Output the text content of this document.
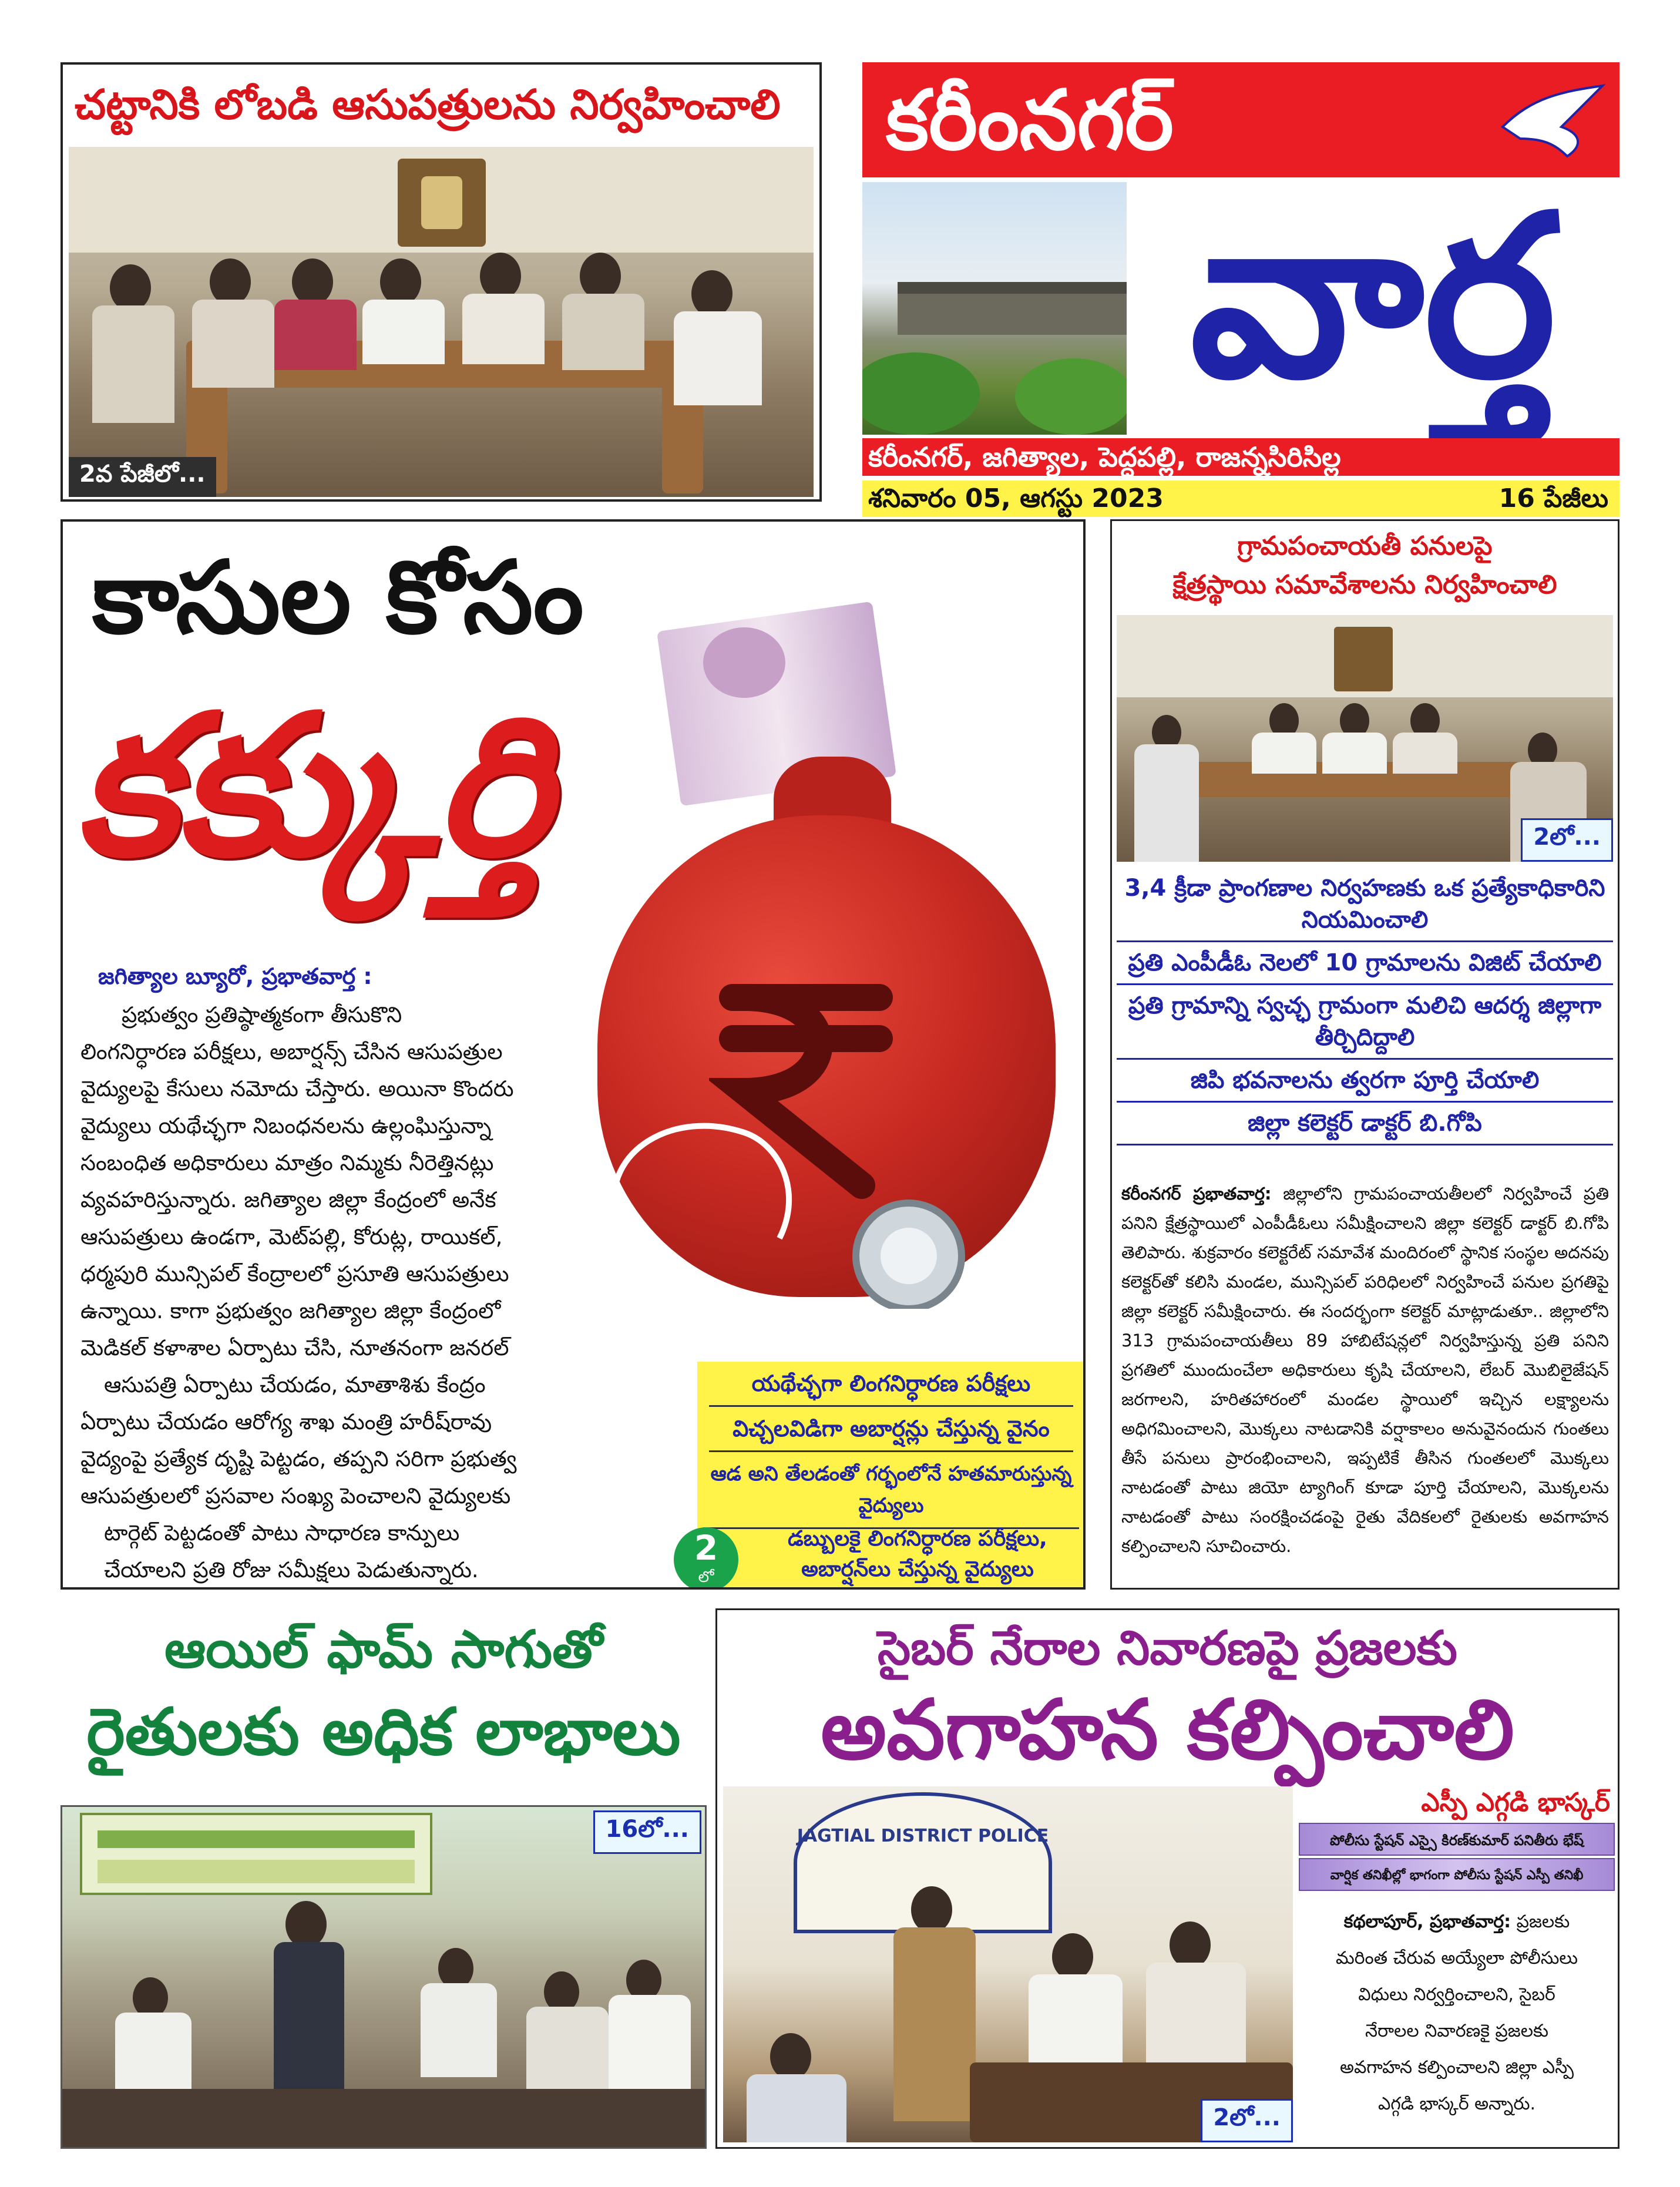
చట్టానికి లోబడి ఆసుపత్రులను నిర్వహించాలి
2వ పేజీలో...
కరీంనగర్
వార్త
కరీంనగర్, జగిత్యాల, పెద్దపల్లి, రాజన్నసిరిసిల్ల
శనివారం 05, ఆగస్టు 2023	16 పేజీలు
కాసుల కోసం
కక్కుర్తి
జగిత్యాల బ్యూరో, ప్రభాతవార్త :
ప్రభుత్వం ప్రతిష్ఠాత్మకంగా తీసుకొని
లింగనిర్ధారణ పరీక్షలు, అబార్షన్స్ చేసిన ఆసుపత్రుల
వైద్యులపై కేసులు నమోదు చేస్తారు. అయినా కొందరు
వైద్యులు యథేచ్ఛగా నిబంధనలను ఉల్లంఘిస్తున్నా
సంబంధిత అధికారులు మాత్రం నిమ్మకు నీరెత్తినట్లు
వ్యవహరిస్తున్నారు. జగిత్యాల జిల్లా కేంద్రంలో అనేక
ఆసుపత్రులు ఉండగా, మెట్‌పల్లి, కోరుట్ల, రాయికల్,
ధర్మపురి మున్సిపల్ కేంద్రాలలో ప్రసూతి ఆసుపత్రులు
ఉన్నాయి. కాగా ప్రభుత్వం జగిత్యాల జిల్లా కేంద్రంలో
మెడికల్ కళాశాల ఏర్పాటు చేసి, నూతనంగా జనరల్
ఆసుపత్రి ఏర్పాటు చేయడం, మాతాశిశు కేంద్రం
ఏర్పాటు చేయడం ఆరోగ్య శాఖ మంత్రి హరీష్‌రావు
వైద్యంపై ప్రత్యేక దృష్టి పెట్టడం, తప్పని సరిగా ప్రభుత్వ
ఆసుపత్రులలో ప్రసవాల సంఖ్య పెంచాలని వైద్యులకు
టార్గెట్ పెట్టడంతో పాటు సాధారణ కాన్పులు
చేయాలని ప్రతి రోజు సమీక్షలు పెడుతున్నారు.
యథేచ్ఛగా లింగనిర్ధారణ పరీక్షలు
విచ్చలవిడిగా అబార్షన్లు చేస్తున్న వైనం
ఆడ అని తేలడంతో గర్భంలోనే హతమారుస్తున్న వైద్యులు
2
లో
డబ్బులకై లింగనిర్ధారణ పరీక్షలు,
అబార్షన్‌లు చేస్తున్న వైద్యులు
గ్రామపంచాయతీ పనులపై
క్షేత్రస్థాయి సమావేశాలను నిర్వహించాలి
2లో...
3,4 క్రీడా ప్రాంగణాల నిర్వహణకు ఒక ప్రత్యేకాధికారిని నియమించాలి
ప్రతి ఎంపీడీఓ నెలలో 10 గ్రామాలను విజిట్ చేయాలి
ప్రతి గ్రామాన్ని స్వచ్ఛ గ్రామంగా మలిచి ఆదర్శ జిల్లాగా తీర్చిదిద్దాలి
జిపి భవనాలను త్వరగా పూర్తి చేయాలి
జిల్లా కలెక్టర్ డాక్టర్ బి.గోపి
కరీంనగర్ ప్రభాతవార్త: జిల్లాలోని గ్రామపంచాయతీలలో నిర్వహించే ప్రతి పనిని క్షేత్రస్థాయిలో ఎంపీడీఓలు సమీక్షించాలని జిల్లా కలెక్టర్ డాక్టర్ బి.గోపి తెలిపారు. శుక్రవారం కలెక్టరేట్ సమావేశ మందిరంలో స్థానిక సంస్థల అదనపు కలెక్టర్‌తో కలిసి మండల, మున్సిపల్ పరిధిలలో నిర్వహించే పనుల ప్రగతిపై జిల్లా కలెక్టర్ సమీక్షించారు. ఈ సందర్భంగా కలెక్టర్ మాట్లాడుతూ.. జిల్లాలోని 313 గ్రామపంచాయతీలు 89 హాబిటేషన్లలో నిర్వహిస్తున్న ప్రతి పనిని ప్రగతిలో ముందుంచేలా అధికారులు కృషి చేయాలని, లేబర్ మొబిలైజేషన్ జరగాలని, హరితహారంలో మండల స్థాయిలో ఇచ్చిన లక్ష్యాలను అధిగమించాలని, మొక్కలు నాటడానికి వర్షాకాలం అనువైనందున గుంతలు తీసే పనులు ప్రారంభించాలని, ఇప్పటికే తీసిన గుంతలలో మొక్కలు నాటడంతో పాటు జియో ట్యాగింగ్ కూడా పూర్తి చేయాలని, మొక్కలను నాటడంతో పాటు సంరక్షించడంపై రైతు వేదికలలో రైతులకు అవగాహన కల్పించాలని సూచించారు.
ఆయిల్ ఫామ్ సాగుతో
రైతులకు అధిక లాభాలు
16లో...
సైబర్ నేరాల నివారణపై ప్రజలకు
అవగాహన కల్పించాలి
ఎస్పీ ఎగ్గడి భాస్కర్
JAGTIAL DISTRICT POLICE
2లో...
పోలీసు స్టేషన్ ఎస్సై కిరణ్‌కుమార్ పనితీరు భేష్
వార్షిక తనిఖీల్లో భాగంగా పోలీసు స్టేషన్ ఎస్పీ తనిఖీ
కథలాపూర్, ప్రభాతవార్త: ప్రజలకు
మరింత చేరువ అయ్యేలా పోలీసులు
విధులు నిర్వర్తించాలని, సైబర్
నేరాలల నివారణకై ప్రజలకు
అవగాహన కల్పించాలని జిల్లా ఎస్పీ
ఎగ్గడి భాస్కర్ అన్నారు.
